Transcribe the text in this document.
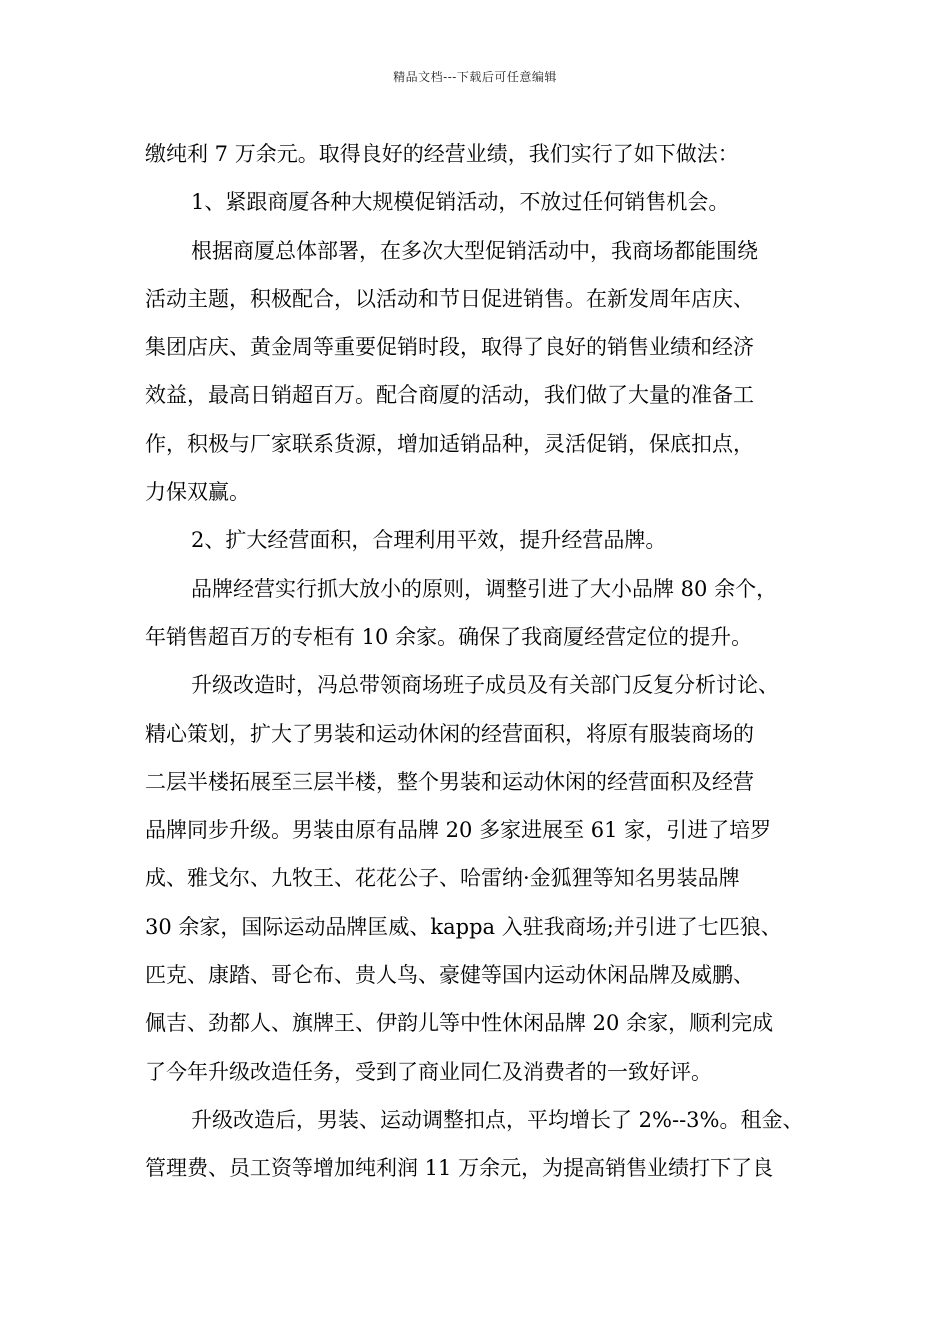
精品文档---下载后可任意编辑
缴纯利 7 万余元。取得良好的经营业绩，我们实行了如下做法：
1、紧跟商厦各种大规模促销活动，不放过任何销售机会。
根据商厦总体部署，在多次大型促销活动中，我商场都能围绕
活动主题，积极配合，以活动和节日促进销售。在新发周年店庆、
集团店庆、黄金周等重要促销时段，取得了良好的销售业绩和经济
效益，最高日销超百万。配合商厦的活动，我们做了大量的准备工
作，积极与厂家联系货源，增加适销品种，灵活促销，保底扣点，
力保双赢。
2、扩大经营面积，合理利用平效，提升经营品牌。
品牌经营实行抓大放小的原则，调整引进了大小品牌 80 余个，
年销售超百万的专柜有 10 余家。确保了我商厦经营定位的提升。
升级改造时，冯总带领商场班子成员及有关部门反复分析讨论、
精心策划，扩大了男装和运动休闲的经营面积，将原有服装商场的
二层半楼拓展至三层半楼，整个男装和运动休闲的经营面积及经营
品牌同步升级。男装由原有品牌 20 多家进展至 61 家，引进了培罗
成、雅戈尔、九牧王、花花公子、哈雷纳·金狐狸等知名男装品牌
30 余家，国际运动品牌匡威、kappa 入驻我商场;并引进了七匹狼、
匹克、康踏、哥仑布、贵人鸟、豪健等国内运动休闲品牌及威鹏、
佩吉、劲都人、旗牌王、伊韵儿等中性休闲品牌 20 余家，顺利完成
了今年升级改造任务，受到了商业同仁及消费者的一致好评。
升级改造后，男装、运动调整扣点，平均增长了 2%--3%。租金、
管理费、员工资等增加纯利润 11 万余元，为提高销售业绩打下了良
